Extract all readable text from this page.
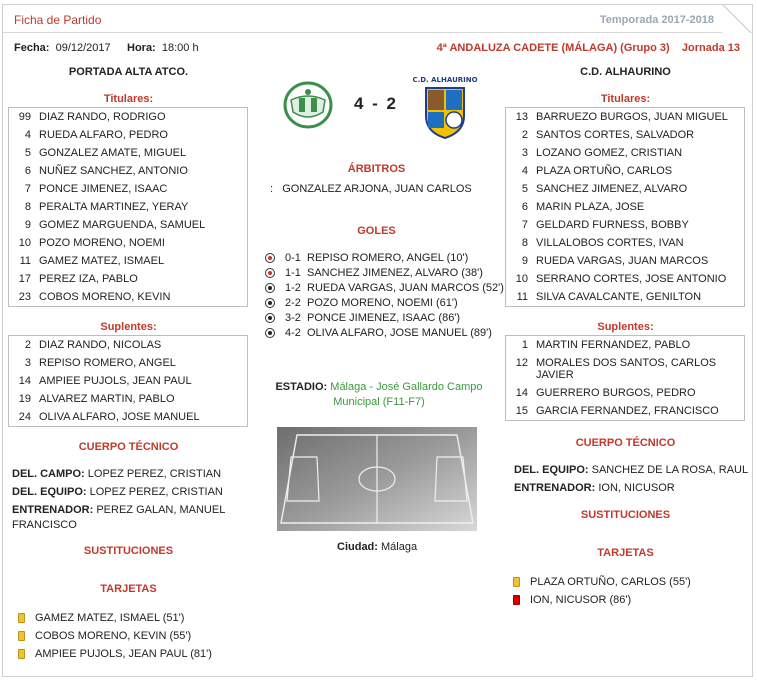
Ficha de Partido	Temporada 2017-2018
Fecha: 09/12/2017 Hora: 18:00 h	4ª ANDALUZA CADETE (MÁLAGA) (Grupo 3) Jornada 13
PORTADA ALTA ATCO.	C.D. ALHAURINO
Titulares:
99 DIAZ RANDO, RODRIGO
4 RUEDA ALFARO, PEDRO
5 GONZALEZ AMATE, MIGUEL
6 NUÑEZ SANCHEZ, ANTONIO
7 PONCE JIMENEZ, ISAAC
8 PERALTA MARTINEZ, YERAY
9 GOMEZ MARGUENDA, SAMUEL
10 POZO MORENO, NOEMI
11 GAMEZ MATEZ, ISMAEL
17 PEREZ IZA, PABLO
23 COBOS MORENO, KEVIN
Titulares:
13 BARRUEZO BURGOS, JUAN MIGUEL
2 SANTOS CORTES, SALVADOR
3 LOZANO GOMEZ, CRISTIAN
4 PLAZA ORTUÑO, CARLOS
5 SANCHEZ JIMENEZ, ALVARO
6 MARIN PLAZA, JOSE
7 GELDARD FURNESS, BOBBY
8 VILLALOBOS CORTES, IVAN
9 RUEDA VARGAS, JUAN MARCOS
10 SERRANO CORTES, JOSE ANTONIO
11 SILVA CAVALCANTE, GENILTON
Suplentes:
2 DIAZ RANDO, NICOLAS
3 REPISO ROMERO, ANGEL
14 AMPIEE PUJOLS, JEAN PAUL
19 ALVAREZ MARTIN, PABLO
24 OLIVA ALFARO, JOSE MANUEL
Suplentes:
1 MARTIN FERNANDEZ, PABLO
12 MORALES DOS SANTOS, CARLOS JAVIER
14 GUERRERO BURGOS, PEDRO
15 GARCIA FERNANDEZ, FRANCISCO
4 - 2
C.D. ALHAURINO
ÁRBITROS
:   GONZALEZ ARJONA, JUAN CARLOS
GOLES
0-1 REPISO ROMERO, ANGEL (10')
1-1 SANCHEZ JIMENEZ, ALVARO (38')
1-2 RUEDA VARGAS, JUAN MARCOS (52')
2-2 POZO MORENO, NOEMI (61')
3-2 PONCE JIMENEZ, ISAAC (86')
4-2 OLIVA ALFARO, JOSE MANUEL (89')
ESTADIO: Málaga - José Gallardo Campo Municipal (F11-F7)
Ciudad: Málaga
CUERPO TÉCNICO
DEL. CAMPO: LOPEZ PEREZ, CRISTIAN
DEL. EQUIPO: LOPEZ PEREZ, CRISTIAN
ENTRENADOR: PEREZ GALAN, MANUEL FRANCISCO
SUSTITUCIONES
TARJETAS
GAMEZ MATEZ, ISMAEL (51')
COBOS MORENO, KEVIN (55')
AMPIEE PUJOLS, JEAN PAUL (81')
CUERPO TÉCNICO
DEL. EQUIPO: SANCHEZ DE LA ROSA, RAUL
ENTRENADOR: ION, NICUSOR
SUSTITUCIONES
TARJETAS
PLAZA ORTUÑO, CARLOS (55')
ION, NICUSOR (86')
